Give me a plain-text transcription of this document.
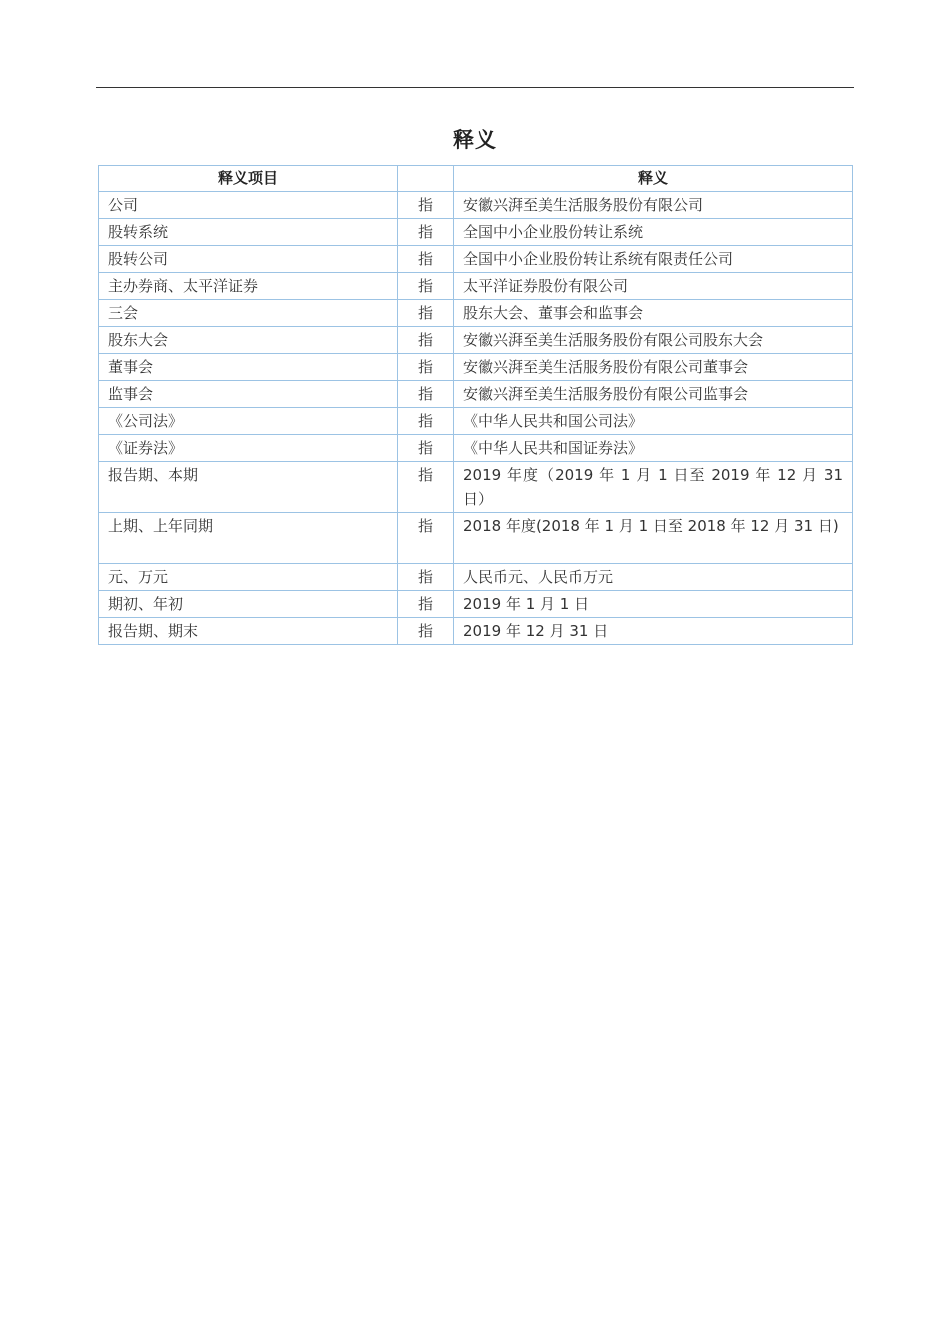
释义
释义项目		释义
公司	指	安徽兴湃至美生活服务股份有限公司
股转系统	指	全国中小企业股份转让系统
股转公司	指	全国中小企业股份转让系统有限责任公司
主办券商、太平洋证券	指	太平洋证券股份有限公司
三会	指	股东大会、董事会和监事会
股东大会	指	安徽兴湃至美生活服务股份有限公司股东大会
董事会	指	安徽兴湃至美生活服务股份有限公司董事会
监事会	指	安徽兴湃至美生活服务股份有限公司监事会
《公司法》	指	《中华人民共和国公司法》
《证券法》	指	《中华人民共和国证券法》
报告期、本期	指	2019 年度（2019 年 1 月 1 日至 2019 年 12 月 31 日）
上期、上年同期	指	2018 年度(2018 年 1 月 1 日至 2018 年 12 月 31 日)
元、万元	指	人民币元、人民币万元
期初、年初	指	2019 年 1 月 1 日
报告期、期末	指	2019 年 12 月 31 日
